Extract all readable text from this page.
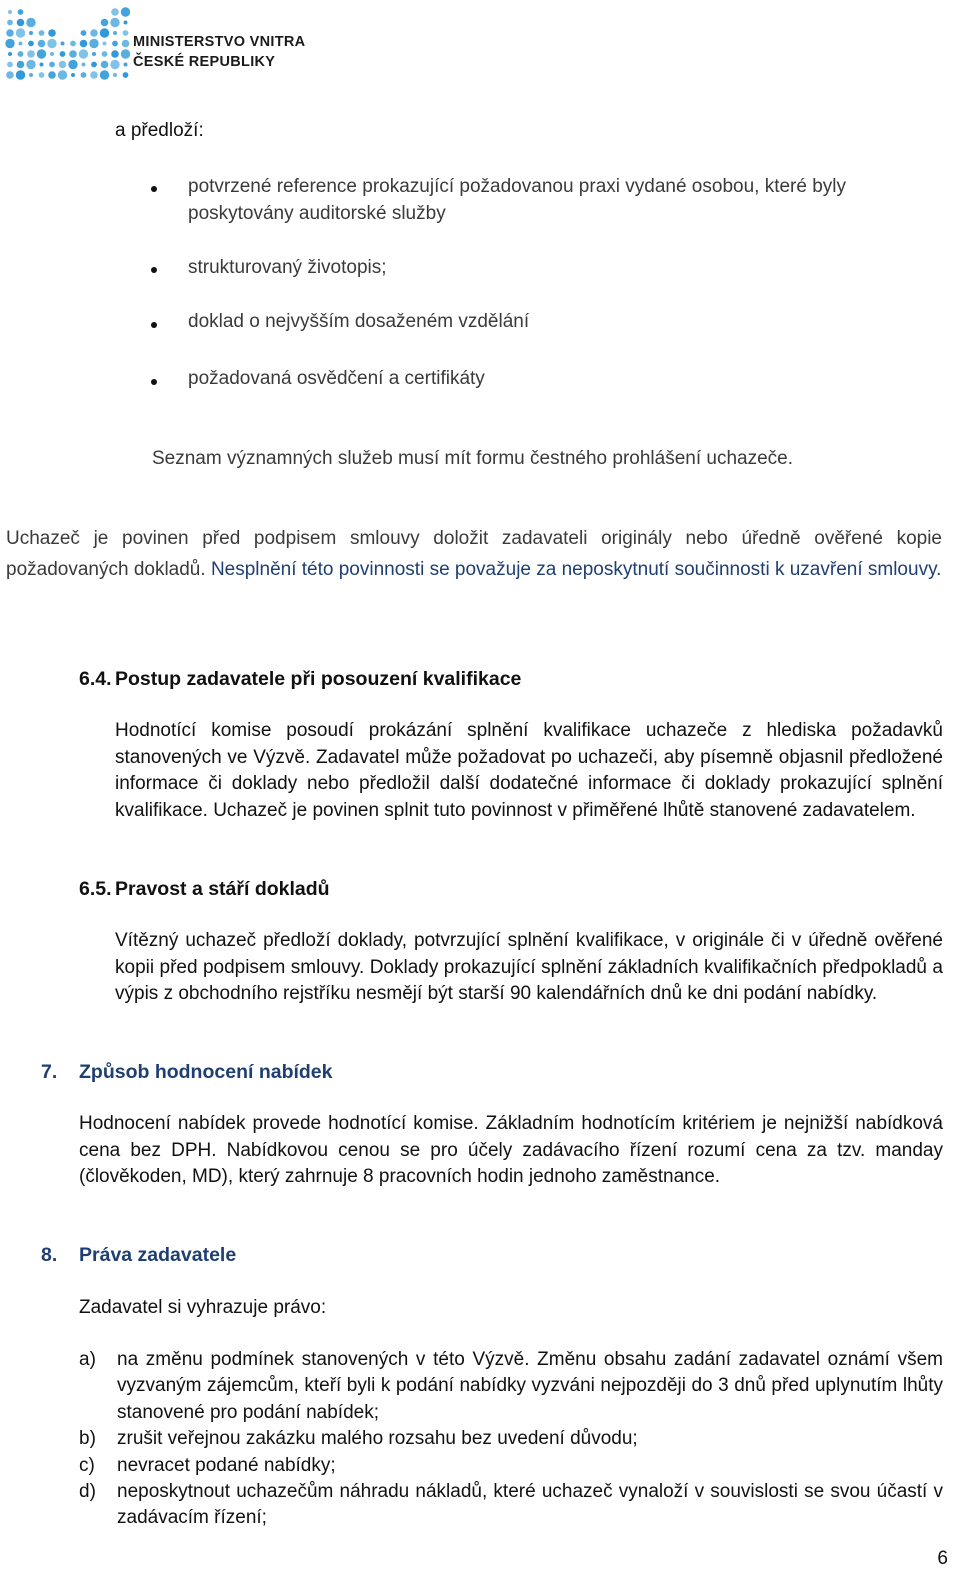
MINISTERSTVO VNITRA
ČESKÉ REPUBLIKY
a předloží:
potvrzené reference prokazující požadovanou praxi vydané osobou, které byly poskytovány auditorské služby
strukturovaný životopis;
doklad o nejvyšším dosaženém vzdělání
požadovaná osvědčení a certifikáty
Seznam významných služeb musí mít formu čestného prohlášení uchazeče.
Uchazeč je povinen před podpisem smlouvy doložit zadavateli originály nebo úředně ověřené kopie požadovaných dokladů. Nesplnění této povinnosti se považuje za neposkytnutí součinnosti k uzavření smlouvy.
6.4. Postup zadavatele při posouzení kvalifikace
Hodnotící komise posoudí prokázání splnění kvalifikace uchazeče z hlediska požadavků stanovených ve Výzvě. Zadavatel může požadovat po uchazeči, aby písemně objasnil předložené informace či doklady nebo předložil další dodatečné informace či doklady prokazující splnění kvalifikace. Uchazeč je povinen splnit tuto povinnost v přiměřené lhůtě stanovené zadavatelem.
6.5. Pravost a stáří dokladů
Vítězný uchazeč předloží doklady, potvrzující splnění kvalifikace, v originále či v úředně ověřené kopii před podpisem smlouvy. Doklady prokazující splnění základních kvalifikačních předpokladů a výpis z obchodního rejstříku nesmějí být starší 90 kalendářních dnů ke dni podání nabídky.
7. Způsob hodnocení nabídek
Hodnocení nabídek provede hodnotící komise. Základním hodnotícím kritériem je nejnižší nabídková cena bez DPH. Nabídkovou cenou se pro účely zadávacího řízení rozumí cena za tzv. manday (člověkoden, MD), který zahrnuje 8 pracovních hodin jednoho zaměstnance.
8. Práva zadavatele
Zadavatel si vyhrazuje právo:
a)	na změnu podmínek stanovených v této Výzvě. Změnu obsahu zadání zadavatel oznámí všem vyzvaným zájemcům, kteří byli k podání nabídky vyzváni nejpozději do 3 dnů před uplynutím lhůty stanovené pro podání nabídek;
b)	zrušit veřejnou zakázku malého rozsahu bez uvedení důvodu;
c)	nevracet podané nabídky;
d)	neposkytnout uchazečům náhradu nákladů, které uchazeč vynaloží v souvislosti se svou účastí v zadávacím řízení;
6
